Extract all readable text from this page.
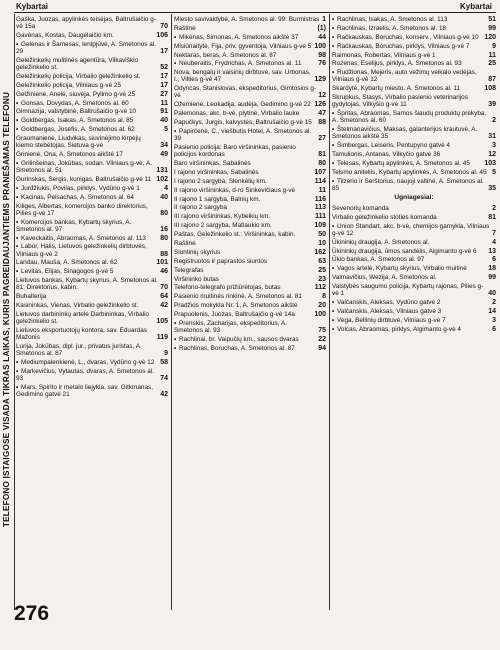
Kybartai	Kybartai
TELEFONO ĮSTAIGOSE VISADA TIKRAS LAIKAS, KURIS PAGREIDAUJANTIEMS PRANEŠAMAS TELEFONU
Gaška, Juozas, apylinkės teisėjas, Baltrušaičio g-vė 15a	70
Gavėnas, Kostas, Daugėlaičio km.	106
• Gelenas ir Šamesas, lentpjūvė, A. Smetonos al. 29	17
Geležinkelių mulitinės agentūra, Vilkaviškio geležinkelio st.	52
Geležinkelių policija, Virbalio geležinkelio st.	17
Geležinkelio policija, Vilniaus g-vė 25	17
Gelžinienė, Anelė, siuvėja, Pylimo g-vė 25	27
• Gonsas, Dovydas, A. Smetonos al. 60	11
Gimnazija, valstybinė, Baltrušaičio g-vė 10	91
• Goldbergas, Isakas, A. Smetonos al. 85	40
• Goldbergas, Josefis, A. Smetonos al. 62	5
Graumanienė, Liudvikas, siuvinėjimo kirpėjų kiemo stebėtojas, Sietuva g-vė	34
Grinienė, Ona, A. Smetonos aikštė 17	49
• Grilinšeinas, Jokūbas, sodan. Vilniaus g-vė, A. Smetonos al. 51	131
Gurinskas, Sergis, kunigas, Baltrušaičio g-vė 11 102
• Jurdžiukis, Povilas, pirklys, Vydūno g-vė 1	4
• Kacinas, Pelsachas, A. Smetonos al. 64	40
Kiliges, Albertas, komercijos banko direktorius, Pilies g-vė 17	80
• Komercijos bankas, Kybartų skyrius, A. Smetonos al. 97	16
• Kaveckaitis, Abraomas, A. Smetonos al. 113	80
• Labor, Halis, Lietuvos geležinkelių dirbtuvės, Vilniaus g-vė 2	88
Landau, Mauša, A. Smetonos al. 62	101
• Levitas, Elijas, Sinagogos g-vė 5	46
Lietuvos bankas, Kybartų skyrius, A. Smetonos al. 81: Direktorius, kabin.	70
Buhalterija	64
Kasininkas, Vienas, Virbalio geležinkelio st.	42
Lietuvos darbininkų artelė Darbininkas, Virbalio geležinkelio st.	105
Lietuvos eksportuotojų kontora, sav. Eduardas Mažonis	119
Lurija, Jokūbas, dipl. jur., privatus juristas, A. Smetonos al. 87	9
• Mediumpalenkienė, L., dvaras, Vydūno g-vė 12 58
• Markevičius, Vytautas, dvaras, A. Smetonos al. 93	74
• Mars, Spirito ir metalo liejykla, sav. Gitkmanas, Gedimino gatvė 21	42
Miesto savivaldybė, A. Smetonos al. 99: Burmistras 1
Raštinė	(1)
• Mikėnas, Simonas, A. Smetonos aikštė 37	44
Misiūnaitytė, Fija, priv. gyventoja, Vilniaus g-vė 5 100
Nektaras, beras, A. Smetonos al. 87	98
• Neuberaitis, Frydrichas, A. Smetonos al. 11	76
Nova, bengalų ir vaisinių dirbtuvė, sav. Urbonas, I., Vilties g-vė 47	129
Odyncas, Stanislovas, ekspeditorius, Gimtosios g-vė	12
Ožemienė, Leokadija, audėja, Gedimino g-vė 22 126
Palemonas, akc. b-vė, plytinė, Virbalio lauke	47
Papučkys, Jurgis, kalvystės, Baltrušaičio g-vė 15 88
• Papirčenė, C., viešbutis Hotel, A. Smetonos al. 39	27
Pasienio policija: Baro viršininkas, pasienio policijos kordonas	81
Baro viršininkas, Sabalinės	80
I rajono viršininkas, Sabalinės	107
I rajono 2 sargyba, Slenkėlių km.	114
II rajono viršininkas, d-ro Sinkevičiaus g-vė	11
II rajono 1 sargyba, Balnių km.	116
II rajono 2 sargyba	113
III rajono viršininkas, Kybeikių km.	111
III rajono 2 sargyba, Matlaukio km.	109
Paštas, Geležinkelio st.: Viršininkas, kabin.	50
Raštinė	10
Siuntinių skyrius	162
Registruotos ir paprastos siuntos	63
Telegrafas	25
Viršininko butas	23
Telefono-telegrafo prižiūrėtojas, butas	112
Pasienio muitinės rinkinė, A. Smetonos al. 81	8
Pradžios mokykla Nr. 1, A. Smetonos aikštė	20
Prapuolenis, Juozas, Baltrušaičio g-vė 14a	100
• Prenskis, Zacharijas, ekspeditorius, A. Smetonos al. 93	75
• Rachlinai, br. Vaipučių km., sausos dvaras	22
• Rachlinas, Boruchas, A. Smetonos al. 87	94
• Rachlinas, Isakas, A. Smetonos al. 113	51
• Rachlinas, Izraelis, A. Smetonos al. 18	99
• Račkauskas, Boruchas, konserv., Vilniaus g-vė 10 120
• Račkauskas, Boruchas, pirklys, Vilniaus g-vė 7	9
Raimonas, Robertas, Vilniaus g-vė 1	11
Rozenas, Eselijus, pirklys, A. Smetonos al. 93	25
• Rudžionas, Mejeris, auto vežimų veikalo vedėjas, Vilniaus g-vė 12	87
Skardytė, Kybartų miesto, A. Smetonos al. 11	108
Skrupkus, Stasys, Virbalio pasienio veterinarijos gydytojas, Vilkyšio g-vė 11	39
• Špritas, Abraomas, Samos šiaudų produktų prekyba, A. Smetonos al. 60	2
• Štelmanavičius, Maksas, galanterijos krautuvė, A. Smetonos aikštė 35	31
• Šimbergas, Leiseris, Pentupyno gatvė 4	3
Tamulionis, Antanas, Vilkyčio gatvė 36	12
• Telesas, Kybartų apylinkės, A. Smetonos al. 45	103
Telsmo aniteliis, Kybartų apylinkės, A. Smetonos al. 45 5
• Tilzerio ir Serštorius, naujoji valtinė, A. Smetonos al. 85	35
Ugniagesiai:
Sevenorių komanda	2
Virbalio geležinkelio stoties komanda	81
• Union Standart, akc. b-vė, chemijos gamykla, Vilniaus g-vė 12	7
Ūkininkų draugija, A. Smetonos al.	4
Ūkininkų draugija, ūmos sandėlis, Algimanto g-vė 6	13
Ūkio bankas, A. Smetonos al. 97	6
• Vagos artelė, Kybartų skyrius, Virbalio muitinė	18
Valmavičius, Wezija, A. Smetonos al.	99
Valstybės saugumo policija, Kybartų rajonas, Pilies g-vė 1	40
• Valčanskis, Aleksas, Vydūno gatvė 2	2
• Valčanskis, Aleksas, Vilniaus gatvė 3	14
• Vega, Bellinių dirbtuvė, Vilniaus g-vė 7	3
• Volcas, Abraomas, pirklys, Algimanto g-vė 4	6
276
